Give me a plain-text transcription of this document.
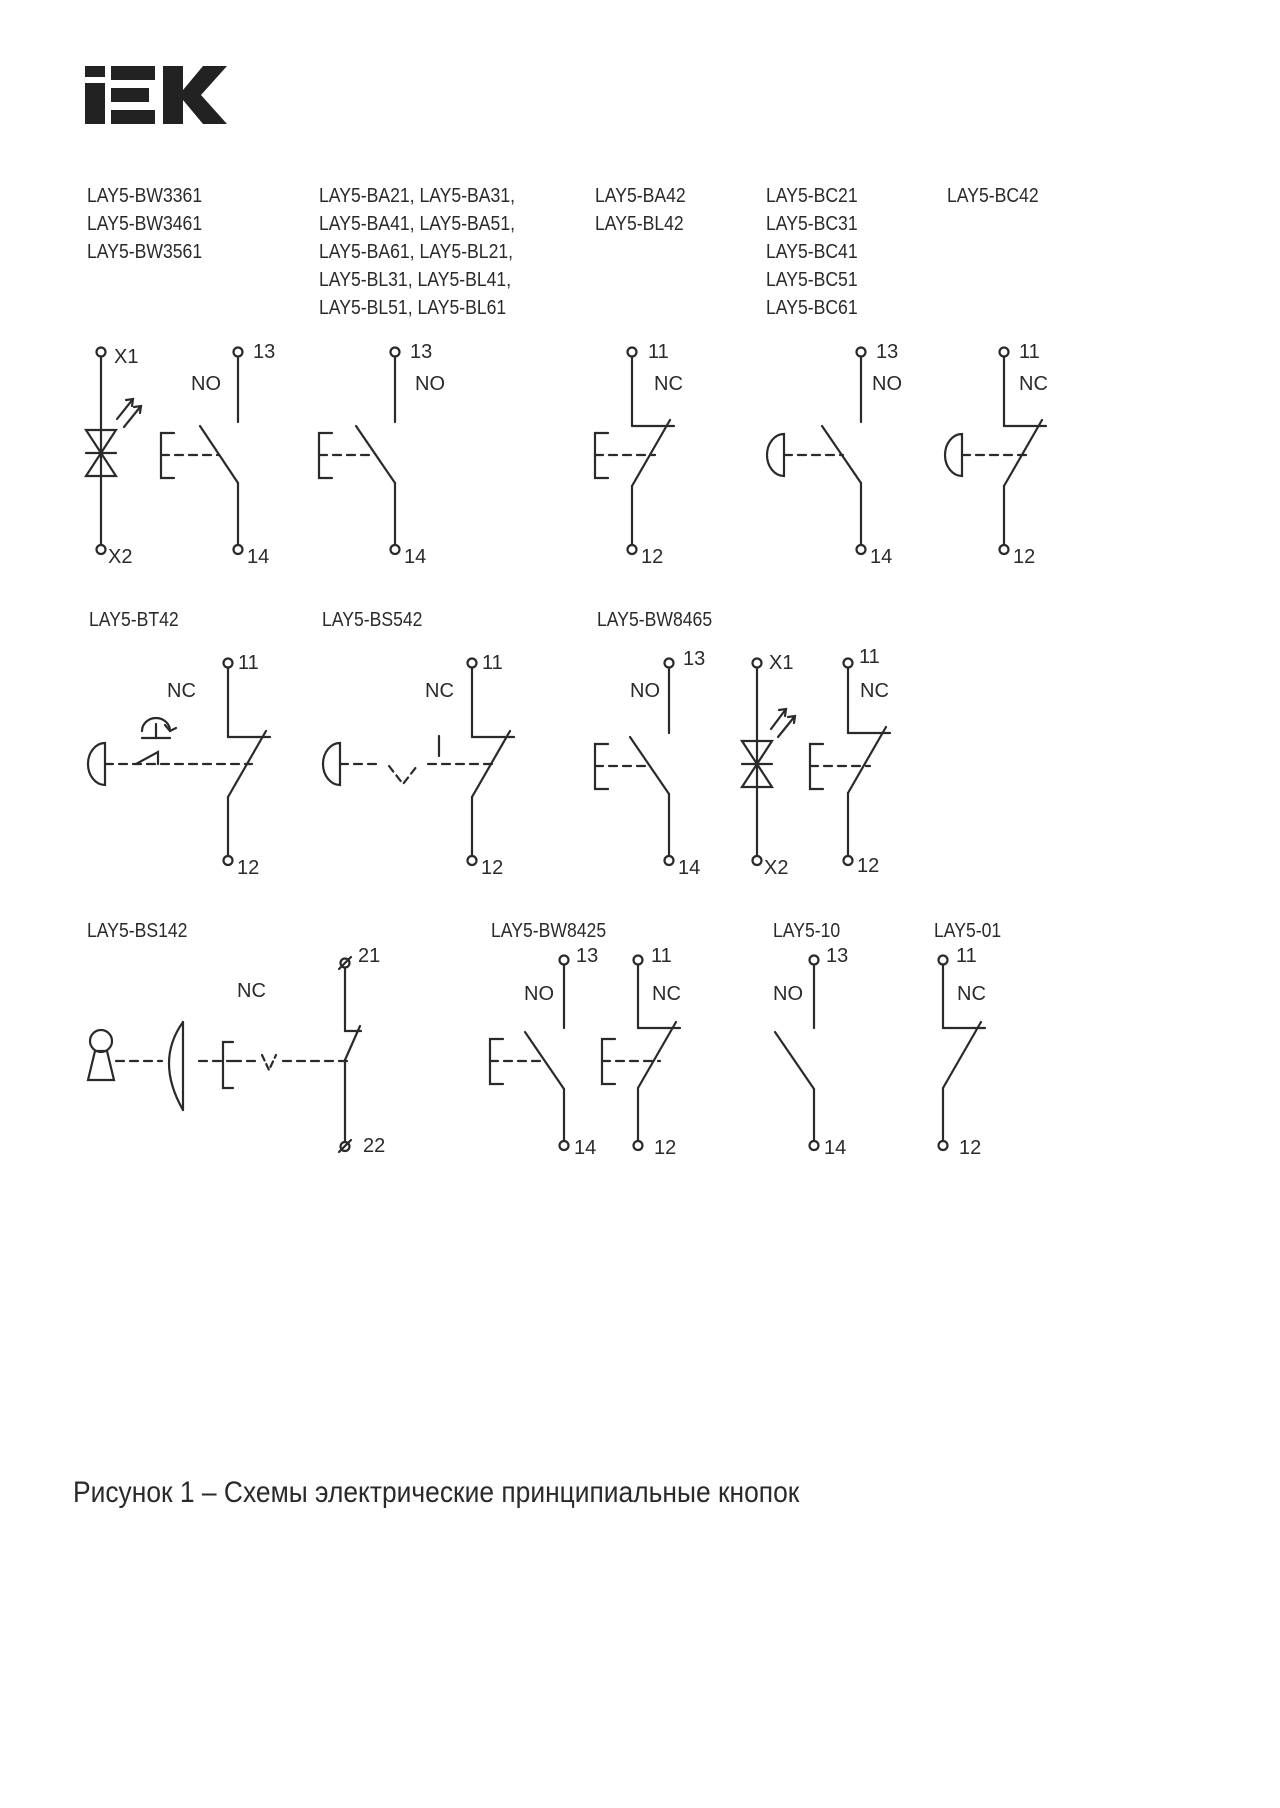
LAY5-BW3361
LAY5-BW3461
LAY5-BW3561
LAY5-BA21, LAY5-BA31,
LAY5-BA41, LAY5-BA51,
LAY5-BA61, LAY5-BL21,
LAY5-BL31, LAY5-BL41,
LAY5-BL51, LAY5-BL61
LAY5-BA42
LAY5-BL42
LAY5-BC21
LAY5-BC31
LAY5-BC41
LAY5-BC51
LAY5-BC61
LAY5-BC42
LAY5-BT42	LAY5-BS542	LAY5-BW8465
LAY5-BS142	LAY5-BW8425	LAY5-10	LAY5-01
X1
X2
13
NO
14
13
NO
14
11
NC
12
13
NO
14
11
NC
12
11
NC
12
11
NC
12
13
NO
14
X1
X2
11
NC
12
21
NC
22
13
NO
14
11
NC
12
13
NO
14
11
NC
12
Рисунок 1 – Схемы электрические принципиальные кнопок
